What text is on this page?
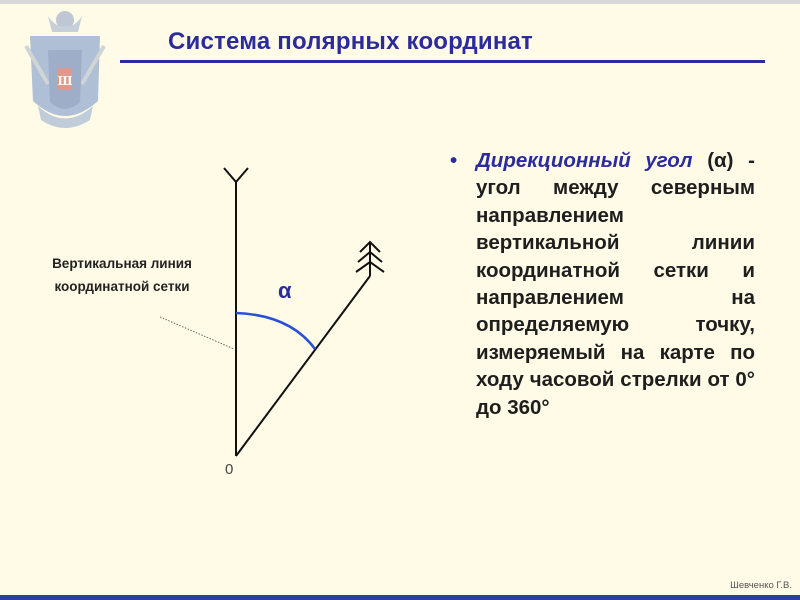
Ш
Система полярных координат
Вертикальная линия координатной сетки	α
0
• Дирекционный угол (α) - угол между северным направлением вертикальной линии координатной сетки и направлением на определяемую точку, измеряемый на карте по ходу часовой стрелки от 0° до 360°
Шевченко Г.В.
